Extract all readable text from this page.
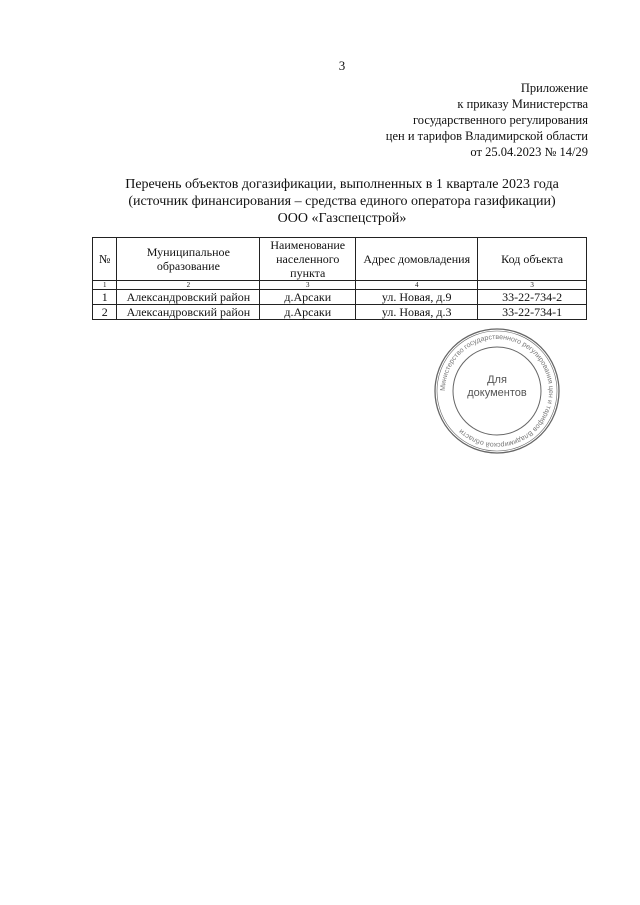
3
Приложение
к приказу Министерства
государственного регулирования
цен и тарифов Владимирской области
от 25.04.2023 № 14/29
Перечень объектов догазификации, выполненных в 1 квартале 2023 года
(источник финансирования – средства единого оператора газификации)
ООО «Газспецстрой»
№	Муниципальное образование	Наименование населенного пункта	Адрес домовладения	Код объекта
1	2	3	4	3
1	Александровский район	д.Арсаки	ул. Новая, д.9	33-22-734-2
2	Александровский район	д.Арсаки	ул. Новая, д.3	33-22-734-1
Министерство государственного регулирования цен и тарифов Владимирской области
Для
документов
